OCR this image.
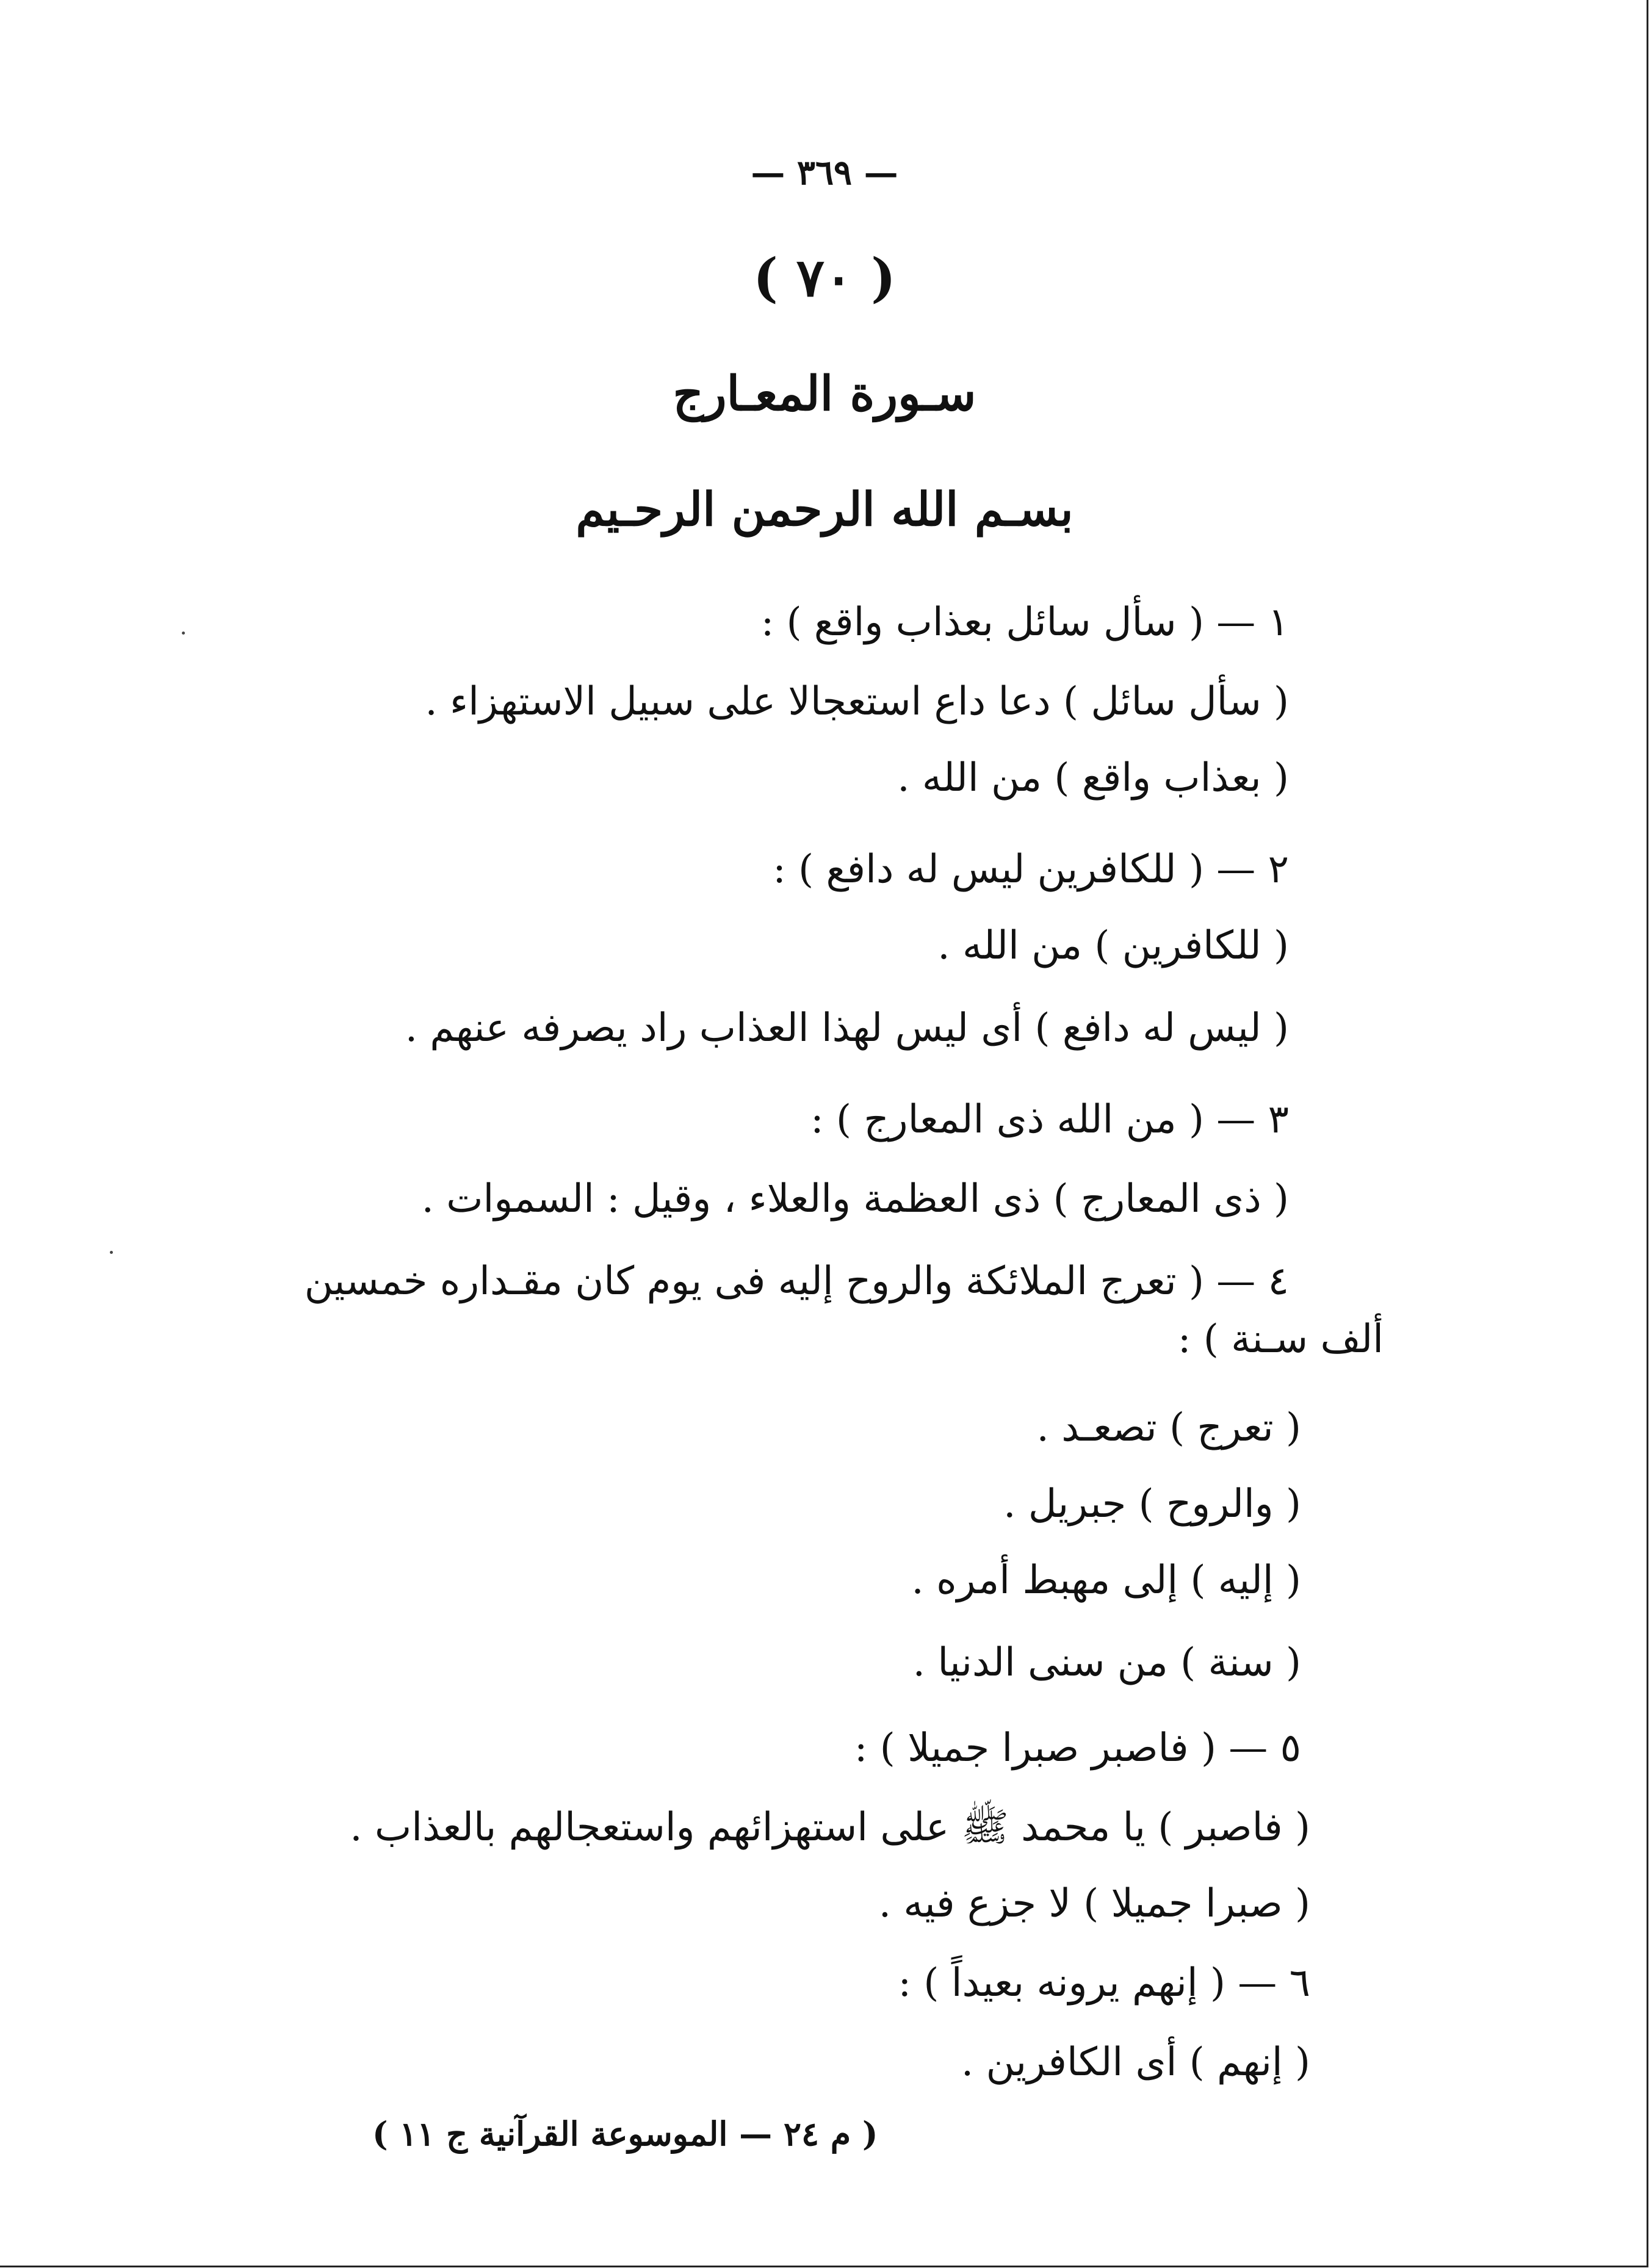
— ٣٦٩ —
( ٧٠ )
سـورة المعـارج
بسـم الله الرحمن الرحـيم
١ — ( سأل سائل بعذاب واقع ) :
( سأل سائل ) دعا داع استعجالا على سبيل الاستهزاء .
( بعذاب واقع ) من الله .
٢ — ( للكافرين ليس له دافع ) :
( للكافرين ) من الله .
( ليس له دافع ) أى ليس لهذا العذاب راد يصرفه عنهم .
٣ — ( من الله ذى المعارج ) :
( ذى المعارج ) ذى العظمة والعلاء ، وقيل : السموات .
٤ — ( تعرج الملائكة والروح إليه فى يوم كان مقـداره خمسين
ألف سـنة ) :
( تعرج ) تصعـد .
( والروح ) جبريل .
( إليه ) إلى مهبط أمره .
( سنة ) من سنى الدنيا .
٥ — ( فاصبر صبرا جميلا ) :
( فاصبر ) يا محمد ﷺ على استهزائهم واستعجالهم بالعذاب .
( صبرا جميلا ) لا جزع فيه .
٦ — ( إنهم يرونه بعيداً ) :
( إنهم ) أى الكافرين .
( م ٢٤ — الموسوعة القرآنية ج ١١ )
